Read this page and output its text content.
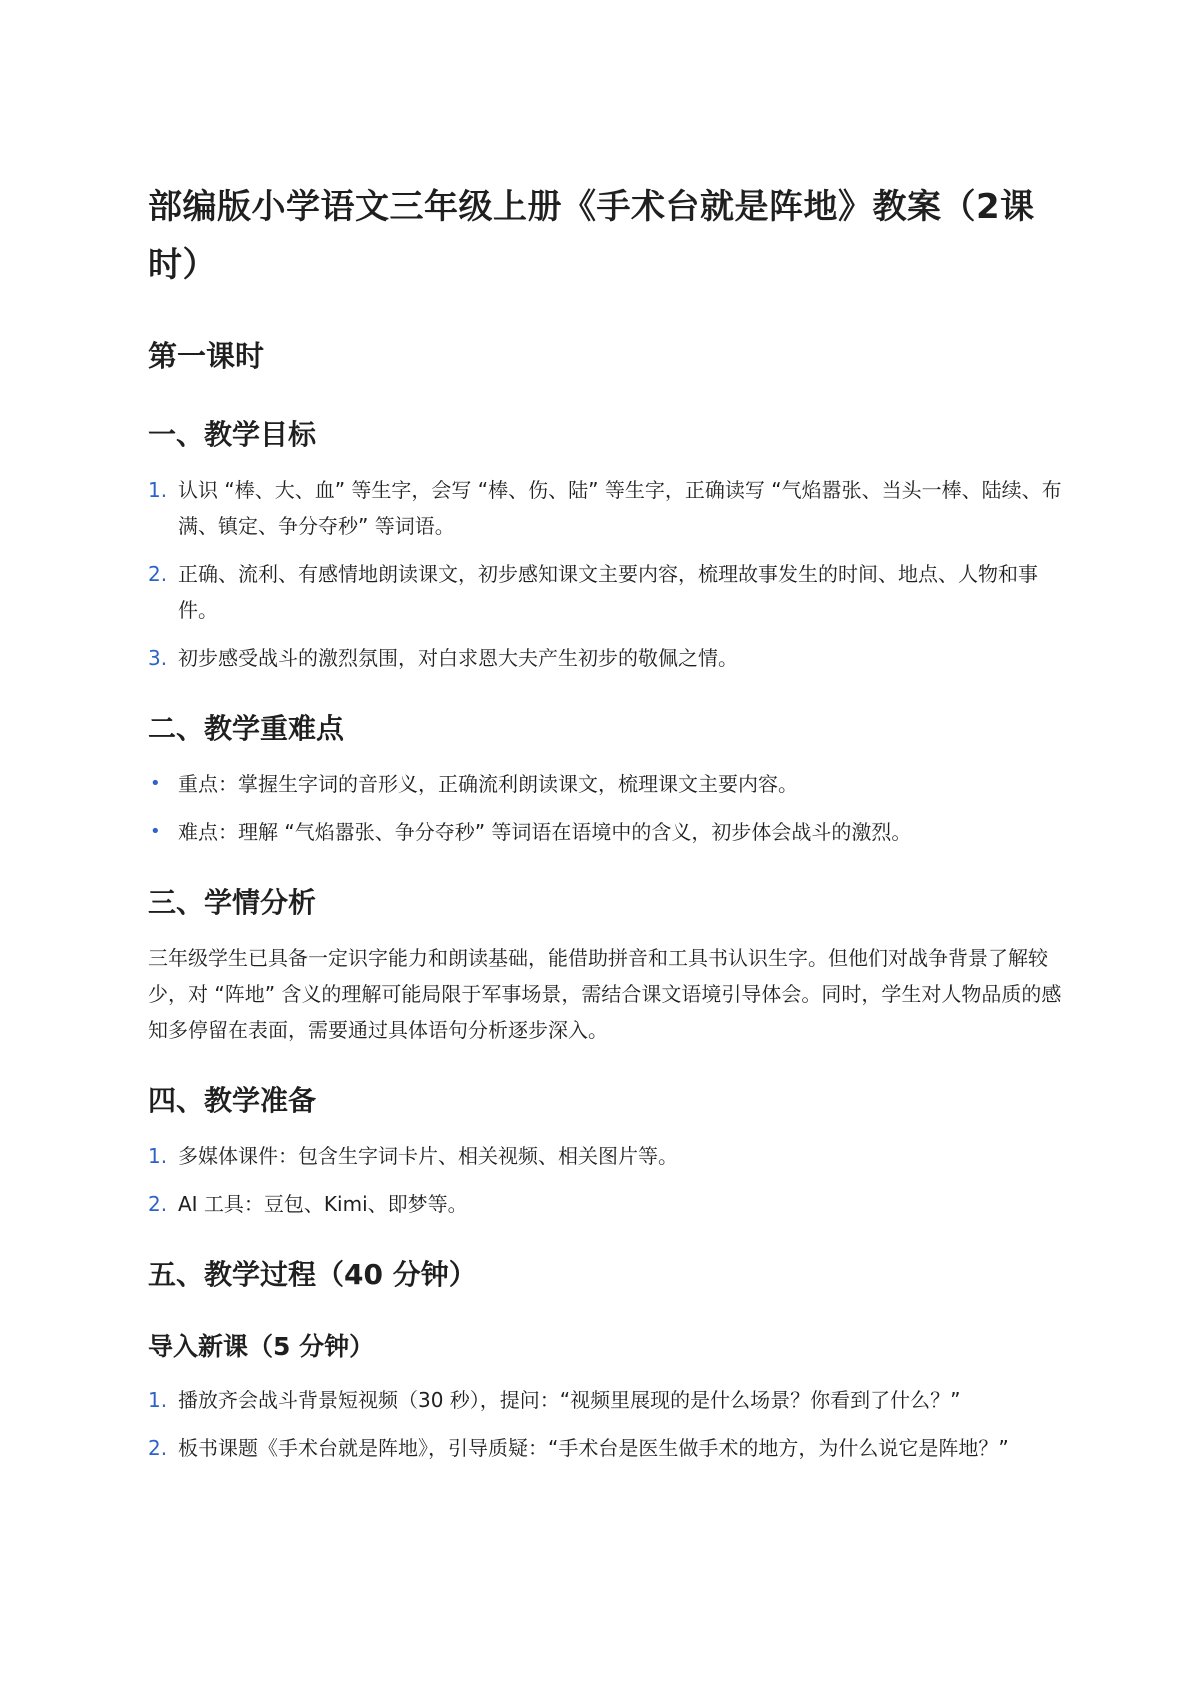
部编版小学语文三年级上册《手术台就是阵地》教案（2课时）
第一课时
一、教学目标
1. 认识 “棒、大、血” 等生字，会写 “棒、伤、陆” 等生字，正确读写 “气焰嚣张、当头一棒、陆续、布满、镇定、争分夺秒” 等词语。
2. 正确、流利、有感情地朗读课文，初步感知课文主要内容，梳理故事发生的时间、地点、人物和事件。
3. 初步感受战斗的激烈氛围，对白求恩大夫产生初步的敬佩之情。
二、教学重难点
• 重点：掌握生字词的音形义，正确流利朗读课文，梳理课文主要内容。
• 难点：理解 “气焰嚣张、争分夺秒” 等词语在语境中的含义，初步体会战斗的激烈。
三、学情分析

三年级学生已具备一定识字能力和朗读基础，能借助拼音和工具书认识生字。但他们对战争背景了解较少，对 “阵地” 含义的理解可能局限于军事场景，需结合课文语境引导体会。同时，学生对人物品质的感知多停留在表面，需要通过具体语句分析逐步深入。

四、教学准备
1. 多媒体课件：包含生字词卡片、相关视频、相关图片等。
2. AI 工具：豆包、Kimi、即梦等。
五、教学过程（40 分钟）
导入新课（5 分钟）
1. 播放齐会战斗背景短视频（30 秒），提问：“视频里展现的是什么场景？你看到了什么？”
2. 板书课题《手术台就是阵地》，引导质疑：“手术台是医生做手术的地方，为什么说它是阵地？”
